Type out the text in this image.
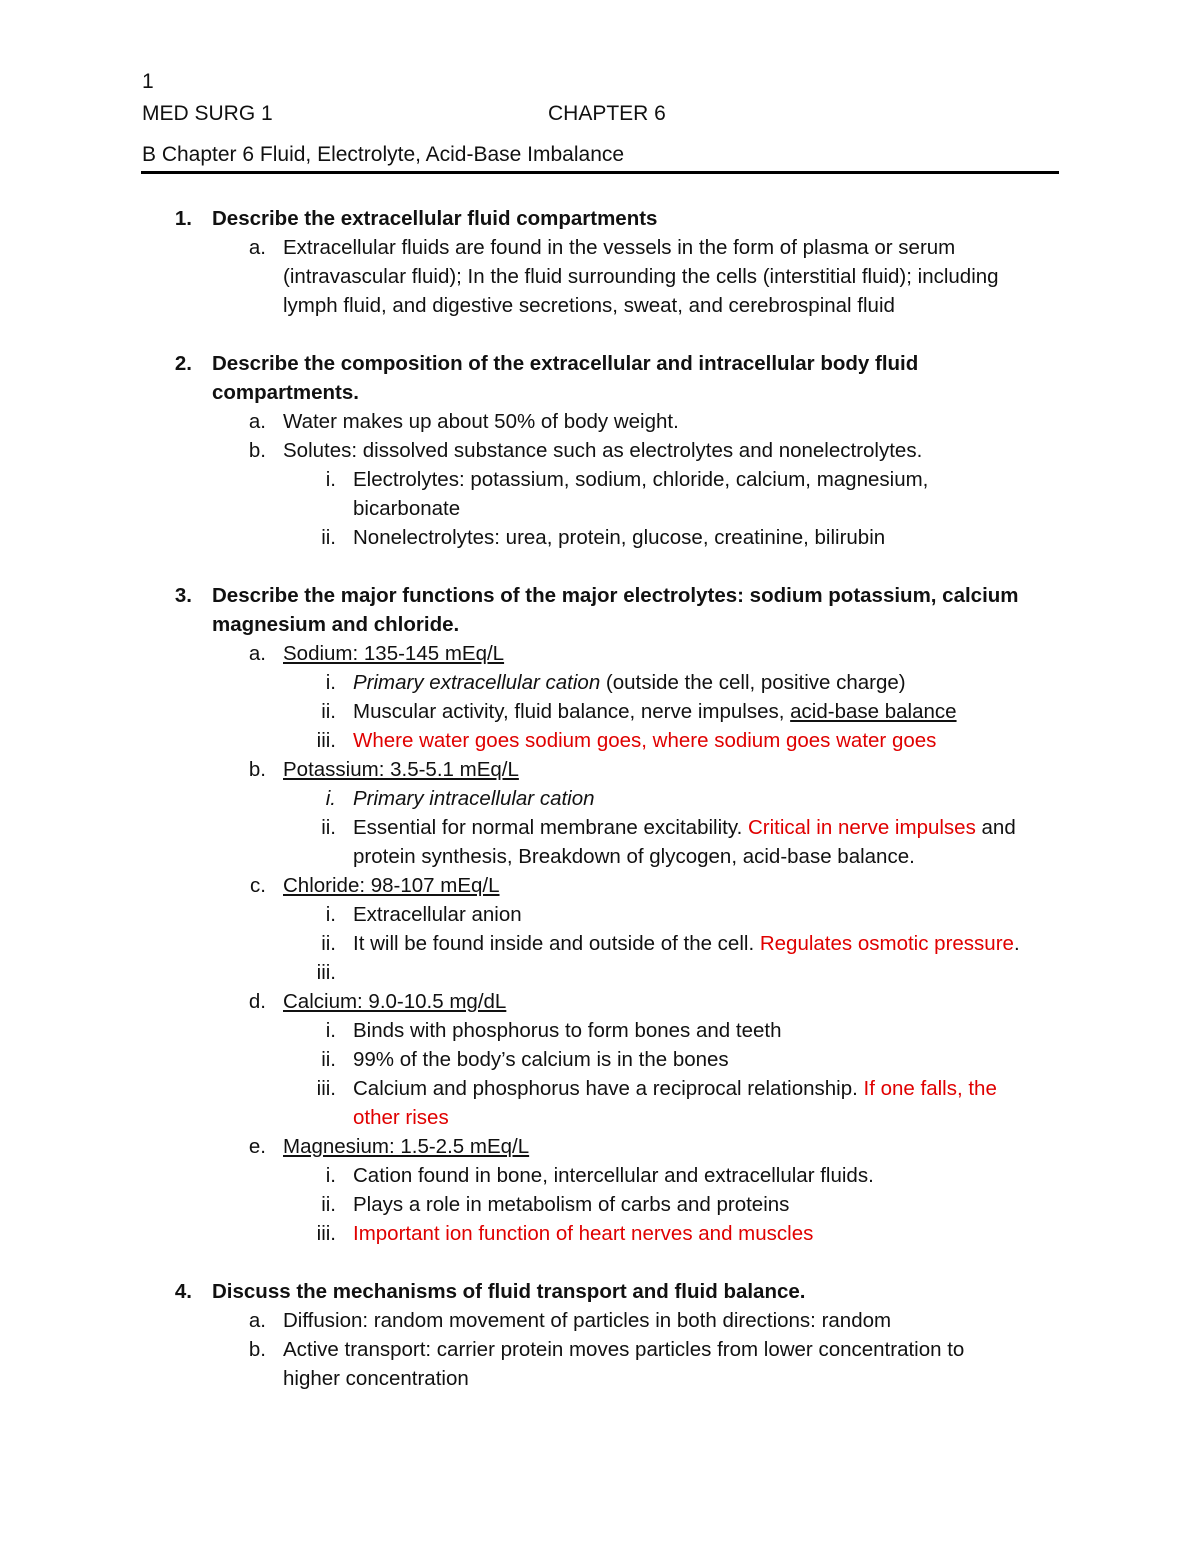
1
MED SURG 1	CHAPTER 6
B Chapter 6 Fluid, Electrolyte, Acid-Base Imbalance
1. Describe the extracellular fluid compartments
a. Extracellular fluids are found in the vessels in the form of plasma or serum
(intravascular fluid); In the fluid surrounding the cells (interstitial fluid); including
lymph fluid, and digestive secretions, sweat, and cerebrospinal fluid
2. Describe the composition of the extracellular and intracellular body fluid
compartments.
a. Water makes up about 50% of body weight.
b. Solutes: dissolved substance such as electrolytes and nonelectrolytes.
i. Electrolytes: potassium, sodium, chloride, calcium, magnesium,
bicarbonate
ii. Nonelectrolytes: urea, protein, glucose, creatinine, bilirubin
3. Describe the major functions of the major electrolytes: sodium potassium, calcium
magnesium and chloride.
a. Sodium: 135-145 mEq/L
i. Primary extracellular cation (outside the cell, positive charge)
ii. Muscular activity, fluid balance, nerve impulses, acid-base balance
iii. Where water goes sodium goes, where sodium goes water goes
b. Potassium: 3.5-5.1 mEq/L
i. Primary intracellular cation
ii. Essential for normal membrane excitability. Critical in nerve impulses and
protein synthesis, Breakdown of glycogen, acid-base balance.
c. Chloride: 98-107 mEq/L
i. Extracellular anion
ii. It will be found inside and outside of the cell. Regulates osmotic pressure.
iii.
d. Calcium: 9.0-10.5 mg/dL
i. Binds with phosphorus to form bones and teeth
ii. 99% of the body’s calcium is in the bones
iii. Calcium and phosphorus have a reciprocal relationship. If one falls, the
other rises
e. Magnesium: 1.5-2.5 mEq/L
i. Cation found in bone, intercellular and extracellular fluids.
ii. Plays a role in metabolism of carbs and proteins
iii. Important ion function of heart nerves and muscles
4. Discuss the mechanisms of fluid transport and fluid balance.
a. Diffusion: random movement of particles in both directions: random
b. Active transport: carrier protein moves particles from lower concentration to
higher concentration
